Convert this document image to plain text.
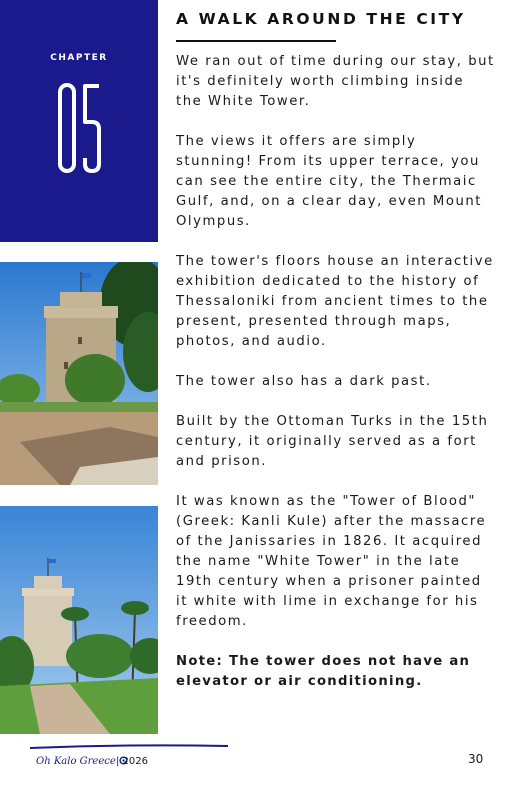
CHAPTER
A WALK AROUND THE CITY

We ran out of time during our stay, but it's definitely worth climbing inside the White Tower.

The views it offers are simply stunning! From its upper terrace, you can see the entire city, the Thermaic Gulf, and, on a clear day, even Mount Olympus.

The tower's floors house an interactive exhibition dedicated to the history of Thessaloniki from ancient times to the present, presented through maps, photos, and audio.

The tower also has a dark past.

Built by the Ottoman Turks in the 15th century, it originally served as a fort and prison.

It was known as the "Tower of Blood" (Greek: Kanli Kule) after the massacre of the Janissaries in 1826. It acquired the name "White Tower" in the late 19th century when a prisoner painted it white with lime in exchange for his freedom.

Note: The tower does not have an elevator or air conditioning.

Oh Kalo Greece | 2026	30
